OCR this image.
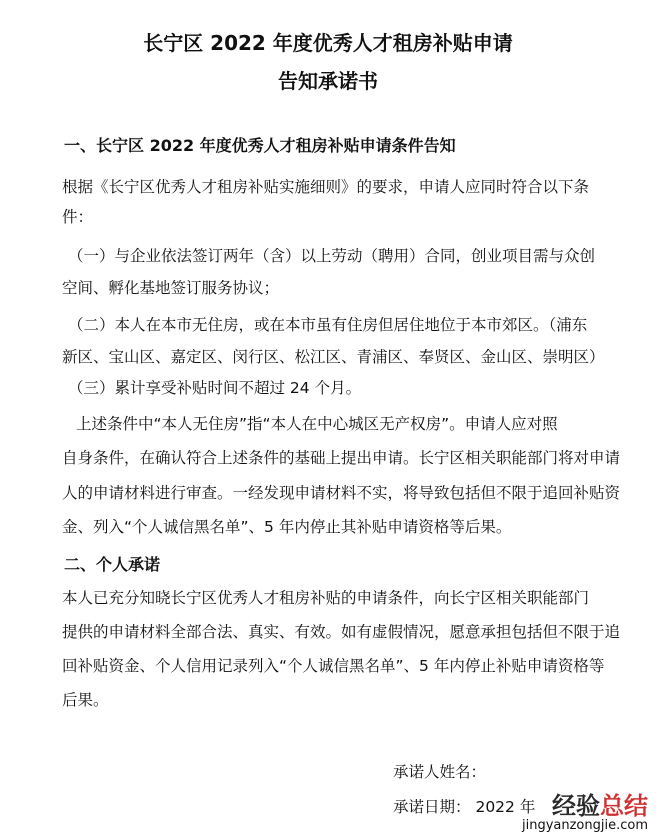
长宁区 2022 年度优秀人才租房补贴申请

告知承诺书

一、长宁区 2022 年度优秀人才租房补贴申请条件告知

根据《长宁区优秀人才租房补贴实施细则》的要求，申请人应同时符合以下条

件：

（一）与企业依法签订两年（含）以上劳动（聘用）合同，创业项目需与众创

空间、孵化基地签订服务协议；

（二）本人在本市无住房，或在本市虽有住房但居住地位于本市郊区。（浦东

新区、宝山区、嘉定区、闵行区、松江区、青浦区、奉贤区、金山区、崇明区）

（三）累计享受补贴时间不超过 24 个月。

上述条件中“本人无住房”指“本人在中心城区无产权房”。申请人应对照

自身条件，在确认符合上述条件的基础上提出申请。长宁区相关职能部门将对申请

人的申请材料进行审查。一经发现申请材料不实，将导致包括但不限于追回补贴资

金、列入“个人诚信黑名单”、5 年内停止其补贴申请资格等后果。

二、个人承诺

本人已充分知晓长宁区优秀人才租房补贴的申请条件，向长宁区相关职能部门

提供的申请材料全部合法、真实、有效。如有虚假情况，愿意承担包括但不限于追

回补贴资金、个人信用记录列入“个人诚信黑名单”、5 年内停止补贴申请资格等

后果。

承诺人姓名：

承诺日期： 2022 年 经验总结
jingyanzongjie.com
